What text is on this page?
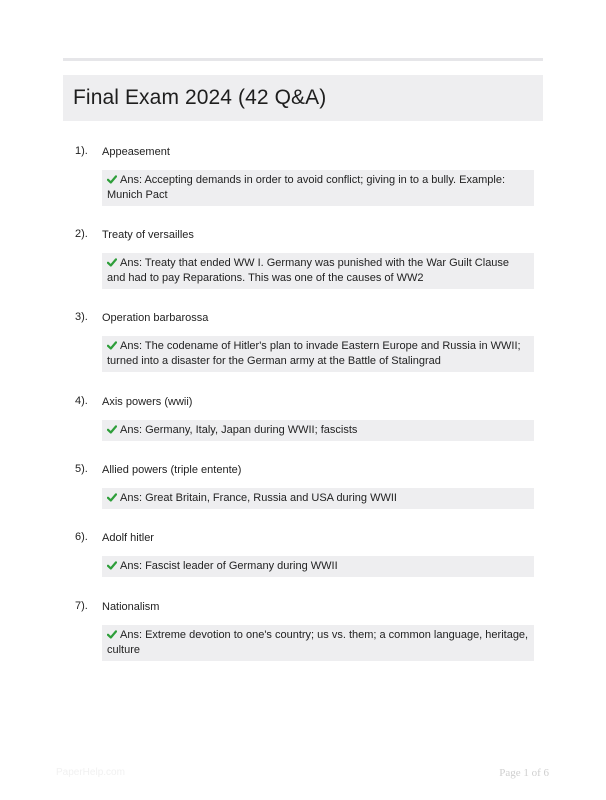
Final Exam 2024 (42 Q&A)
1). Appeasement
Ans: Accepting demands in order to avoid conflict; giving in to a bully. Example: Munich Pact
2). Treaty of versailles
Ans: Treaty that ended WW I. Germany was punished with the War Guilt Clause and had to pay Reparations. This was one of the causes of WW2
3). Operation barbarossa
Ans: The codename of Hitler's plan to invade Eastern Europe and Russia in WWII; turned into a disaster for the German army at the Battle of Stalingrad
4). Axis powers (wwii)
Ans: Germany, Italy, Japan during WWII; fascists
5). Allied powers (triple entente)
Ans: Great Britain, France, Russia and USA during WWII
6). Adolf hitler
Ans: Fascist leader of Germany during WWII
7). Nationalism
Ans: Extreme devotion to one's country; us vs. them; a common language, heritage, culture
PaperHelp.com	Page 1 of 6
